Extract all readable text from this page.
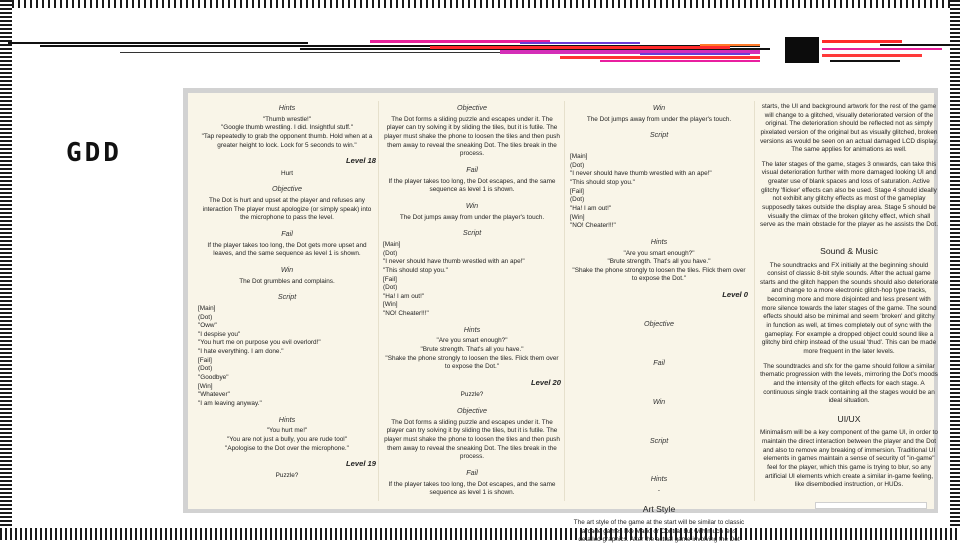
GDD
Hints
"Thumb wrestle!"
"Google thumb wrestling. I did. Insightful stuff."
"Tap repeatedly to grab the opponent thumb. Hold when at a greater height to lock. Lock for 5 seconds to win."
Level 18
Hurt
Objective
The Dot is hurt and upset at the player and refuses any interaction The player must apologize (or simply speak) into the microphone to pass the level.
Fail
If the player takes too long, the Dot gets more upset and leaves, and the same sequence as level 1 is shown.
Win
The Dot grumbles and complains.
Script
[Main]
(Dot)
"Oww"
"I despise you"
"You hurt me on purpose you evil overlord!"
"I hate everything. I am done."
[Fail]
(Dot)
"Goodbye"
[Win]
"Whatever"
"I am leaving anyway."
Hints
"You hurt me!"
"You are not just a bully, you are rude tool"
"Apologise to the Dot over the microphone."
Level 19
Puzzle?
Objective
The Dot forms a sliding puzzle and escapes under it. The player can try solving it by sliding the tiles, but it is futile. The player must shake the phone to loosen the tiles and then push them away to reveal the sneaking Dot. The tiles break in the process.
Fail
If the player takes too long, the Dot escapes, and the same sequence as level 1 is shown.
Win
The Dot jumps away from under the player's touch.
Script
[Main]
(Dot)
"I never should have thumb wrestled with an ape!"
"This should stop you."
[Fail]
(Dot)
"Ha! I am out!"
[Win]
"NO! Cheater!!!"
Hints
"Are you smart enough?"
"Brute strength. That's all you have."
"Shake the phone strongly to loosen the tiles. Flick them over to expose the Dot."
Level 20
Puzzle?
Objective
The Dot forms a sliding puzzle and escapes under it. The player can try solving it by sliding the tiles, but it is futile. The player must shake the phone to loosen the tiles and then push them away to reveal the sneaking Dot. The tiles break in the process.
Fail
If the player takes too long, the Dot escapes, and the same sequence as level 1 is shown.
Win
The Dot jumps away from under the player's touch.
Script
[Main]
(Dot)
"I never should have thumb wrestled with an ape!"
"This should stop you."
[Fail]
(Dot)
"Ha! I am out!"
[Win]
"NO! Cheater!!!"
Hints
"Are you smart enough?"
"Brute strength. That's all you have."
"Shake the phone strongly to loosen the tiles. Flick them over to expose the Dot."
Level 0
Objective
Fail
Win
Script
Hints
-
Art Style
The art style of the game at the start will be similar to classic arcade games like Mario or Contra, but with much less detailed graphics. After the actual game involving the Dot
starts, the UI and background artwork for the rest of the game will change to a glitched, visually deteriorated version of the original. The deterioration should be reflected not as simply pixelated version of the original but as visually glitched, broken versions as would be seen on an actual damaged LCD display. The same applies for animations as well.
The later stages of the game, stages 3 onwards, can take this visual deterioration further with more damaged looking UI and greater use of blank spaces and loss of saturation. Active glitchy 'flicker' effects can also be used. Stage 4 should ideally not exhibit any glitchy effects as most of the gameplay supposedly takes outside the display area. Stage 5 should be visually the climax of the broken glitchy effect, which shall serve as the main obstacle for the player as he assists the Dot.
Sound & Music
The soundtracks and FX initially at the beginning should consist of classic 8-bit style sounds. After the actual game starts and the glitch happen the sounds should also deteriorate and change to a more electronic glitch-hop type tracks, becoming more and more disjointed and less present with more silence towards the later stages of the game. The sound effects should also be minimal and seem 'broken' and glitchy in function as well, at times completely out of sync with the gameplay. For example a dropped object could sound like a glitchy bird chirp instead of the usual 'thud'. This can be made more frequent in the later levels.
The soundtracks and sfx for the game should follow a similar thematic progression with the levels, mirroring the Dot's moods and the intensity of the glitch effects for each stage. A continuous single track containing all the stages would be an ideal situation.
UI/UX
Minimalism will be a key component of the game UI, in order to maintain the direct interaction between the player and the Dot and also to remove any breaking of immersion. Traditional UI elements in games maintain a sense of security of "in-game" feel for the player, which this game is trying to blur, so any artificial UI elements which create a similar in-game feeling, like disembodied instruction, or HUDs.
